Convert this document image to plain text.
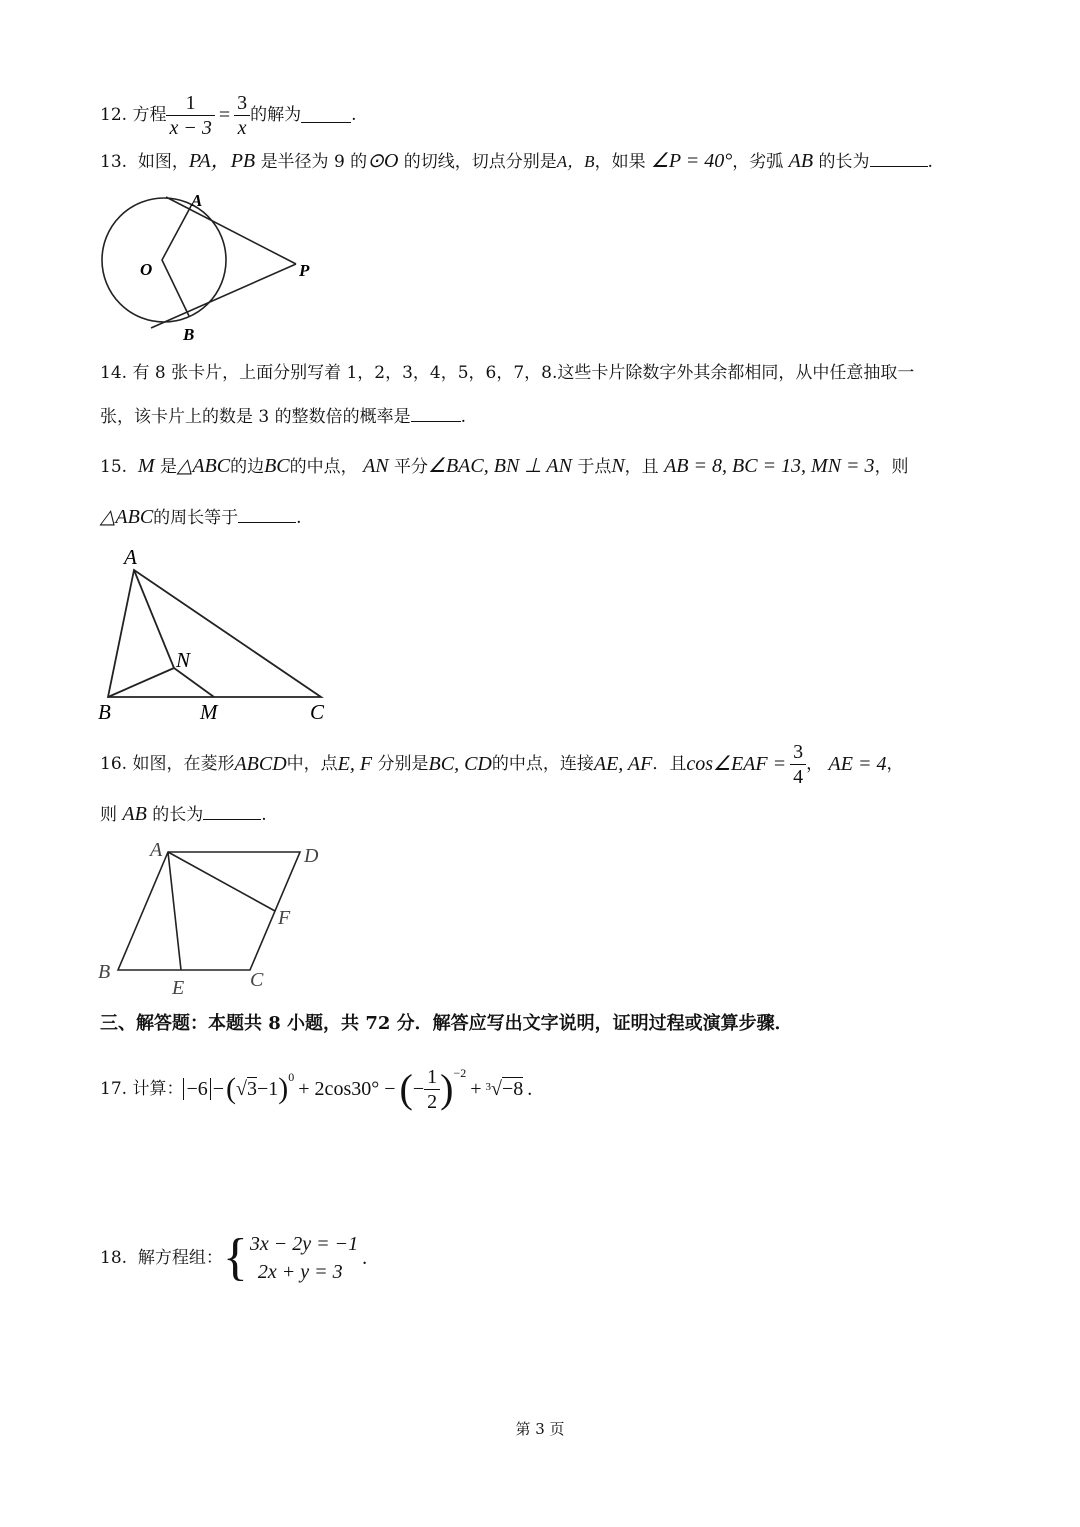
12.
方程 $\frac{1}{x - 3} = \frac{3}{x}$ 的解为	.
13. 如图，PA，PB 是半径为 9 的⊙O 的切线，切点分别是A，B，如果 ∠P = 40°，劣弧 AB 的长为	.
A
O	P
B
14. 有 8 张卡片，上面分别写着 1，2，3，4，5，6，7，8.这些卡片除数字外其余都相同，从中任意抽取一
张，该卡片上的数是 3 的整数倍的概率是	.
15. M 是△ABC的边BC的中点， AN 平分∠BAC, BN ⊥ AN 于点N，且 AB = 8, BC = 13, MN = 3，则
△ABC的周长等于	.
A
N
B	M	C
16.
如图，在菱形 ABCD 中，点 E, F
分别是 BC, CD 的中点，连接 AE, AF ．且 cos∠EAF = $\frac{3}{4}$ ，
AE = 4 ，
则 AB 的长为	.
A	D
F
B
E	C
三、解答题：本题共 8 小题，共 72 分．解答应写出文字说明，证明过程或演算步骤．
17.
计算： −6 − ( √3 −1 ) 0
+ 2cos30° − ( − $\frac{1}{2}$ ) −2
+ 3 √−8 .
18.
解方程组： { 3x − 2y = −1
2x + y = 3
.
第 3 页
